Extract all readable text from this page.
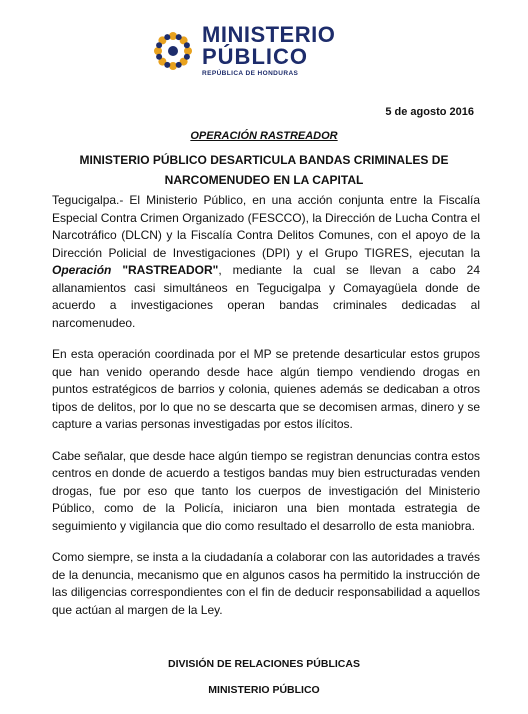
MINISTERIO
PÚBLICO
REPÚBLICA DE HONDURAS
5 de agosto 2016
OPERACIÓN RASTREADOR
MINISTERIO PÚBLICO DESARTICULA BANDAS CRIMINALES DE NARCOMENUDEO EN LA CAPITAL

Tegucigalpa.- El Ministerio Público, en una acción conjunta entre la Fiscalía Especial Contra Crimen Organizado (FESCCO), la Dirección de Lucha Contra el Narcotráfico (DLCN) y la Fiscalía Contra Delitos Comunes, con el apoyo de la Dirección Policial de Investigaciones (DPI) y el Grupo TIGRES, ejecutan la Operación "RASTREADOR", mediante la cual se llevan a cabo 24 allanamientos casi simultáneos en Tegucigalpa y Comayagüela donde de acuerdo a investigaciones operan bandas criminales dedicadas al narcomenudeo.

En esta operación coordinada por el MP se pretende desarticular estos grupos que han venido operando desde hace algún tiempo vendiendo drogas en puntos estratégicos de barrios y colonia, quienes además se dedicaban a otros tipos de delitos, por lo que no se descarta que se decomisen armas, dinero y se capture a varias personas investigadas por estos ilícitos.

Cabe señalar, que desde hace algún tiempo se registran denuncias contra estos centros en donde de acuerdo a testigos bandas muy bien estructuradas venden drogas, fue por eso que tanto los cuerpos de investigación del Ministerio Público, como de la Policía, iniciaron una bien montada estrategia de seguimiento y vigilancia que dio como resultado el desarrollo de esta maniobra.

Como siempre, se insta a la ciudadanía a colaborar con las autoridades a través de la denuncia, mecanismo que en algunos casos ha permitido la instrucción de las diligencias correspondientes con el fin de deducir responsabilidad a aquellos que actúan al margen de la Ley.

DIVISIÓN DE RELACIONES PÚBLICAS
MINISTERIO PÚBLICO
